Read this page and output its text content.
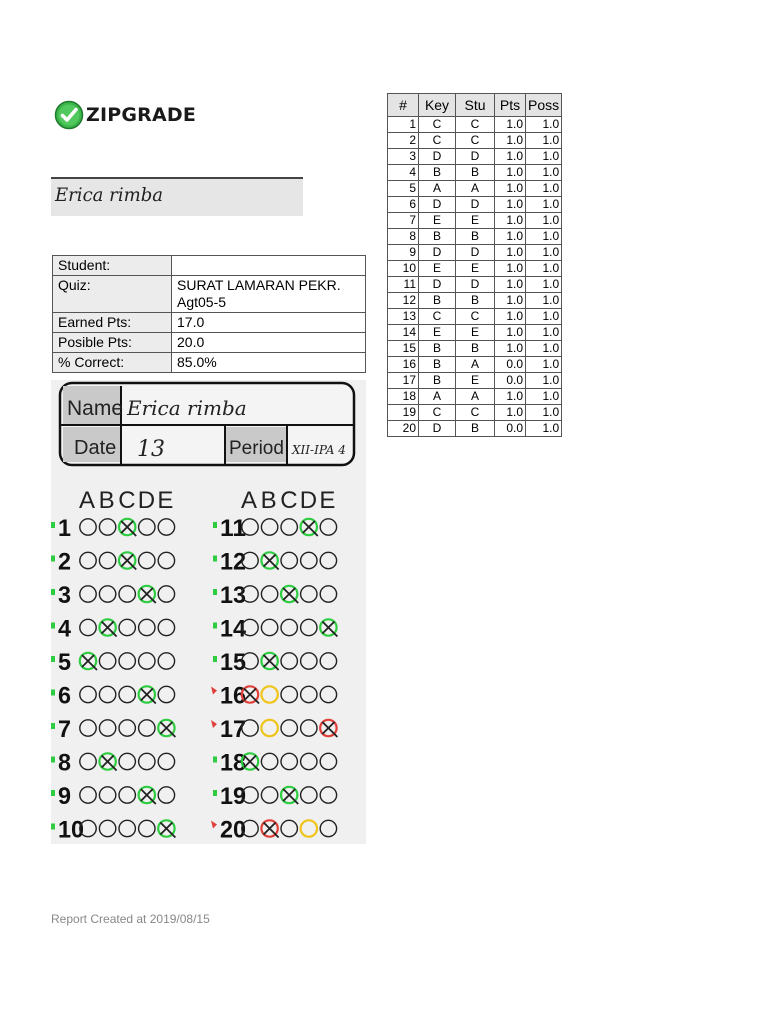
ZIPGRADE
Erica rimba
Student:	
Quiz:	SURAT LAMARAN PEKR.
Agt05-5
Earned Pts:	17.0
Posible Pts:	20.0
% Correct:	85.0%
#	Key	Stu	Pts	Poss
1	C	C	1.0	1.0
2	C	C	1.0	1.0
3	D	D	1.0	1.0
4	B	B	1.0	1.0
5	A	A	1.0	1.0
6	D	D	1.0	1.0
7	E	E	1.0	1.0
8	B	B	1.0	1.0
9	D	D	1.0	1.0
10	E	E	1.0	1.0
11	D	D	1.0	1.0
12	B	B	1.0	1.0
13	C	C	1.0	1.0
14	E	E	1.0	1.0
15	B	B	1.0	1.0
16	B	A	0.0	1.0
17	B	E	0.0	1.0
18	A	A	1.0	1.0
19	C	C	1.0	1.0
20	D	B	0.0	1.0
Name Erica rimba
Date 13	Period XII-IPA 4
A B C D E	A B C D E
1
2
3
4
5
6
7
8
9
10
11
12
13
14
15
16
17
18
19
20
Report Created at 2019/08/15
